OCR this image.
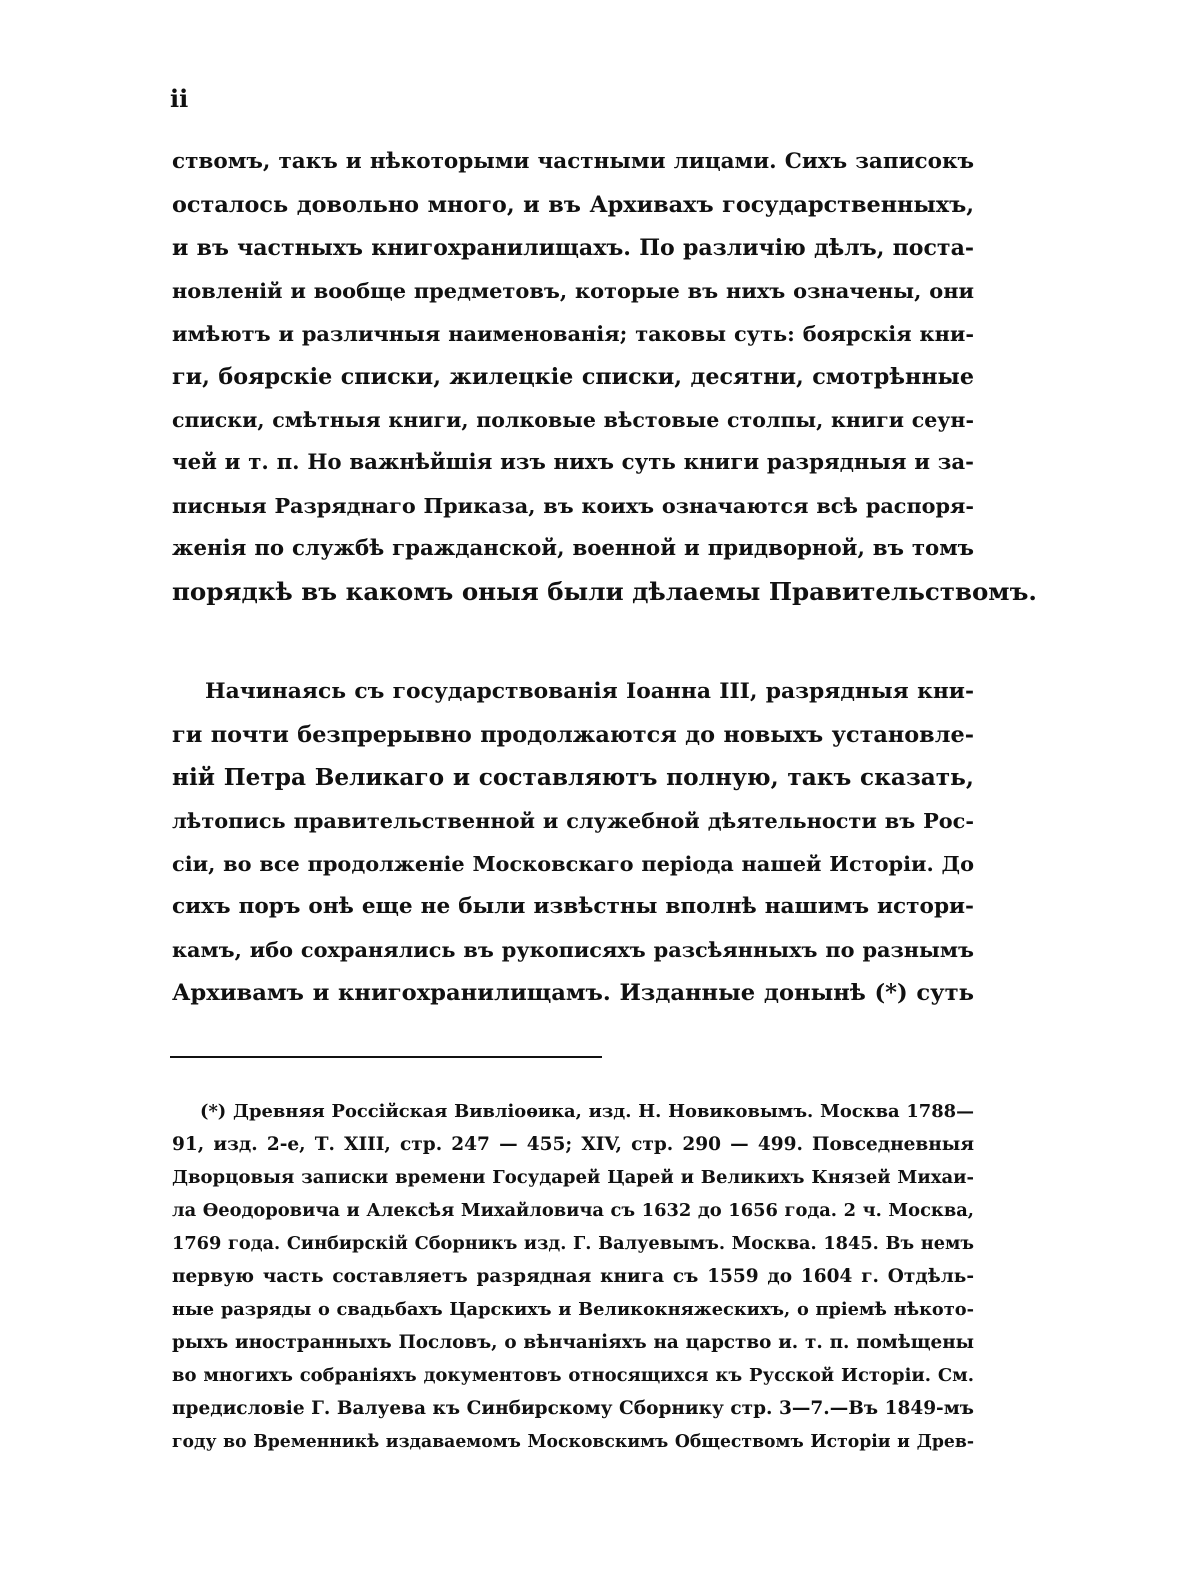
ii
ствомъ, такъ и нѣкоторыми частными лицами. Сихъ записокъ
осталось довольно много, и въ Архивахъ государственныхъ,
и въ частныхъ книгохранилищахъ. По различію дѣлъ, поста-
новленій и вообще предметовъ, которые въ нихъ означены, они
имѣютъ и различныя наименованія; таковы суть: боярскія кни-
ги, боярскіе списки, жилецкіе списки, десятни, смотрѣнные
списки, смѣтныя книги, полковые вѣстовые столпы, книги сеун-
чей и т. п. Но важнѣйшія изъ нихъ суть книги разрядныя и за-
писныя Разряднаго Приказа, въ коихъ означаются всѣ распоря-
женія по службѣ гражданской, военной и придворной, въ томъ
порядкѣ въ какомъ оныя были дѣлаемы Правительствомъ.
Начинаясь съ государствованія Іоанна III, разрядныя кни-
ги почти безпрерывно продолжаются до новыхъ установле-
ній Петра Великаго и составляютъ полную, такъ сказать,
лѣтопись правительственной и служебной дѣятельности въ Рос-
сіи, во все продолженіе Московскаго періода нашей Исторіи. До
сихъ поръ онѣ еще не были извѣстны вполнѣ нашимъ истори-
камъ, ибо сохранялись въ рукописяхъ разсѣянныхъ по разнымъ
Архивамъ и книгохранилищамъ. Изданные донынѣ (*) суть
(*) Древняя Россійская Вивліоѳика, изд. Н. Новиковымъ. Москва 1788—
91, изд. 2-е, Т. XIII, стр. 247 — 455; XIV, стр. 290 — 499. Повседневныя
Дворцовыя записки времени Государей Царей и Великихъ Князей Михаи-
ла Ѳеодоровича и Алексѣя Михайловича съ 1632 до 1656 года. 2 ч. Москва,
1769 года. Синбирскій Сборникъ изд. Г. Валуевымъ. Москва. 1845. Въ немъ
первую часть составляетъ разрядная книга съ 1559 до 1604 г. Отдѣль-
ные разряды о свадьбахъ Царскихъ и Великокняжескихъ, о пріемѣ нѣкото-
рыхъ иностранныхъ Пословъ, о вѣнчаніяхъ на царство и. т. п. помѣщены
во многихъ собраніяхъ документовъ относящихся къ Русской Исторіи. См.
предисловіе Г. Валуева къ Синбирскому Сборнику стр. 3—7.—Въ 1849-мъ
году во Временникѣ издаваемомъ Московскимъ Обществомъ Исторіи и Древ-
